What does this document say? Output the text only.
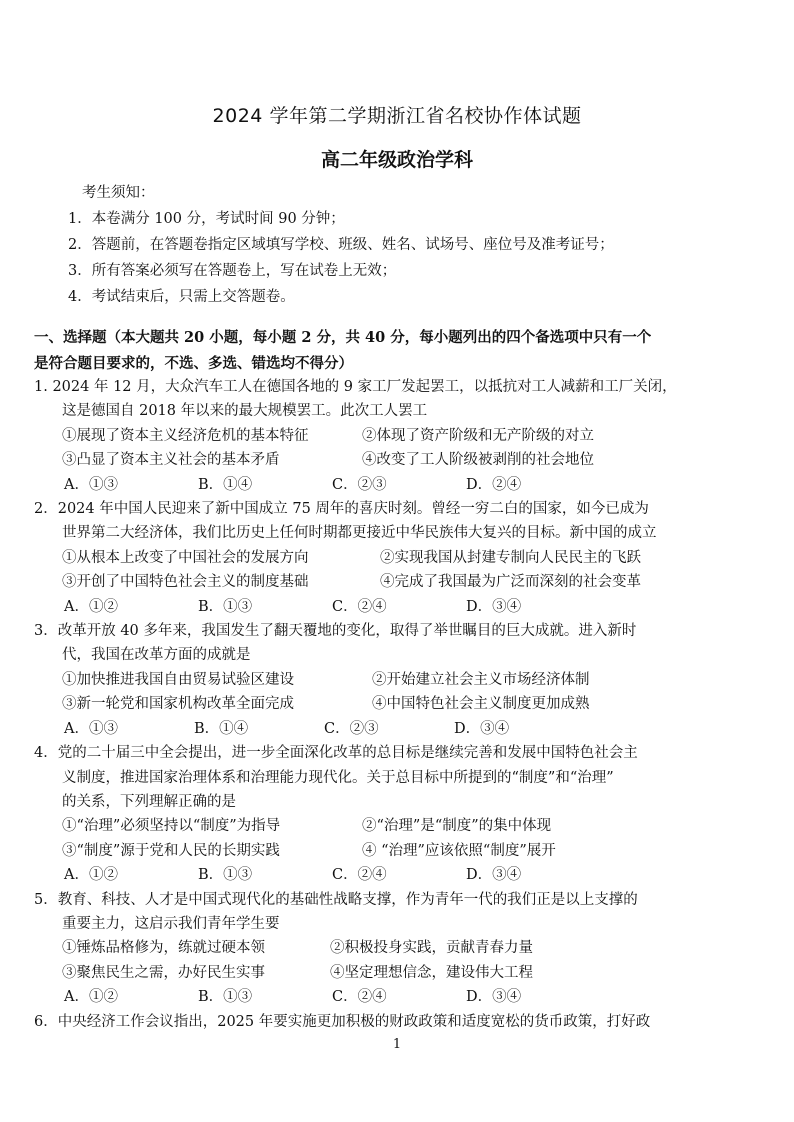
2024 学年第二学期浙江省名校协作体试题
高二年级政治学科
考生须知：
1．本卷满分 100 分，考试时间 90 分钟；
2．答题前，在答题卷指定区域填写学校、班级、姓名、试场号、座位号及准考证号；
3．所有答案必须写在答题卷上，写在试卷上无效；
4．考试结束后，只需上交答题卷。
一、选择题（本大题共 20 小题，每小题 2 分，共 40 分，每小题列出的四个备选项中只有一个
是符合题目要求的，不选、多选、错选均不得分）
1. 2024 年 12 月，大众汽车工人在德国各地的 9 家工厂发起罢工，以抵抗对工人减薪和工厂关闭，
这是德国自 2018 年以来的最大规模罢工。此次工人罢工
①展现了资本主义经济危机的基本特征	②体现了资产阶级和无产阶级的对立
③凸显了资本主义社会的基本矛盾	④改变了工人阶级被剥削的社会地位
A．①③	B．①④	C．②③	D．②④
2．2024 年中国人民迎来了新中国成立 75 周年的喜庆时刻。曾经一穷二白的国家，如今已成为
世界第二大经济体，我们比历史上任何时期都更接近中华民族伟大复兴的目标。新中国的成立
①从根本上改变了中国社会的发展方向	②实现我国从封建专制向人民民主的飞跃
③开创了中国特色社会主义的制度基础	④完成了我国最为广泛而深刻的社会变革
A．①②	B．①③	C．②④	D．③④
3．改革开放 40 多年来，我国发生了翻天覆地的变化，取得了举世瞩目的巨大成就。进入新时
代，我国在改革方面的成就是
①加快推进我国自由贸易试验区建设	②开始建立社会主义市场经济体制
③新一轮党和国家机构改革全面完成	④中国特色社会主义制度更加成熟
A．①③	B．①④	C．②③	D．③④
4．党的二十届三中全会提出，进一步全面深化改革的总目标是继续完善和发展中国特色社会主
义制度，推进国家治理体系和治理能力现代化。关于总目标中所提到的“制度”和“治理”
的关系，下列理解正确的是
①“治理”必须坚持以“制度”为指导	②“治理”是“制度”的集中体现
③“制度”源于党和人民的长期实践	④ “治理”应该依照“制度”展开
A．①②	B．①③	C．②④	D．③④
5．教育、科技、人才是中国式现代化的基础性战略支撑，作为青年一代的我们正是以上支撑的
重要主力，这启示我们青年学生要
①锤炼品格修为，练就过硬本领	②积极投身实践，贡献青春力量
③聚焦民生之需，办好民生实事	④坚定理想信念，建设伟大工程
A．①②	B．①③	C．②④	D．③④
6．中央经济工作会议指出，2025 年要实施更加积极的财政政策和适度宽松的货币政策，打好政
1
